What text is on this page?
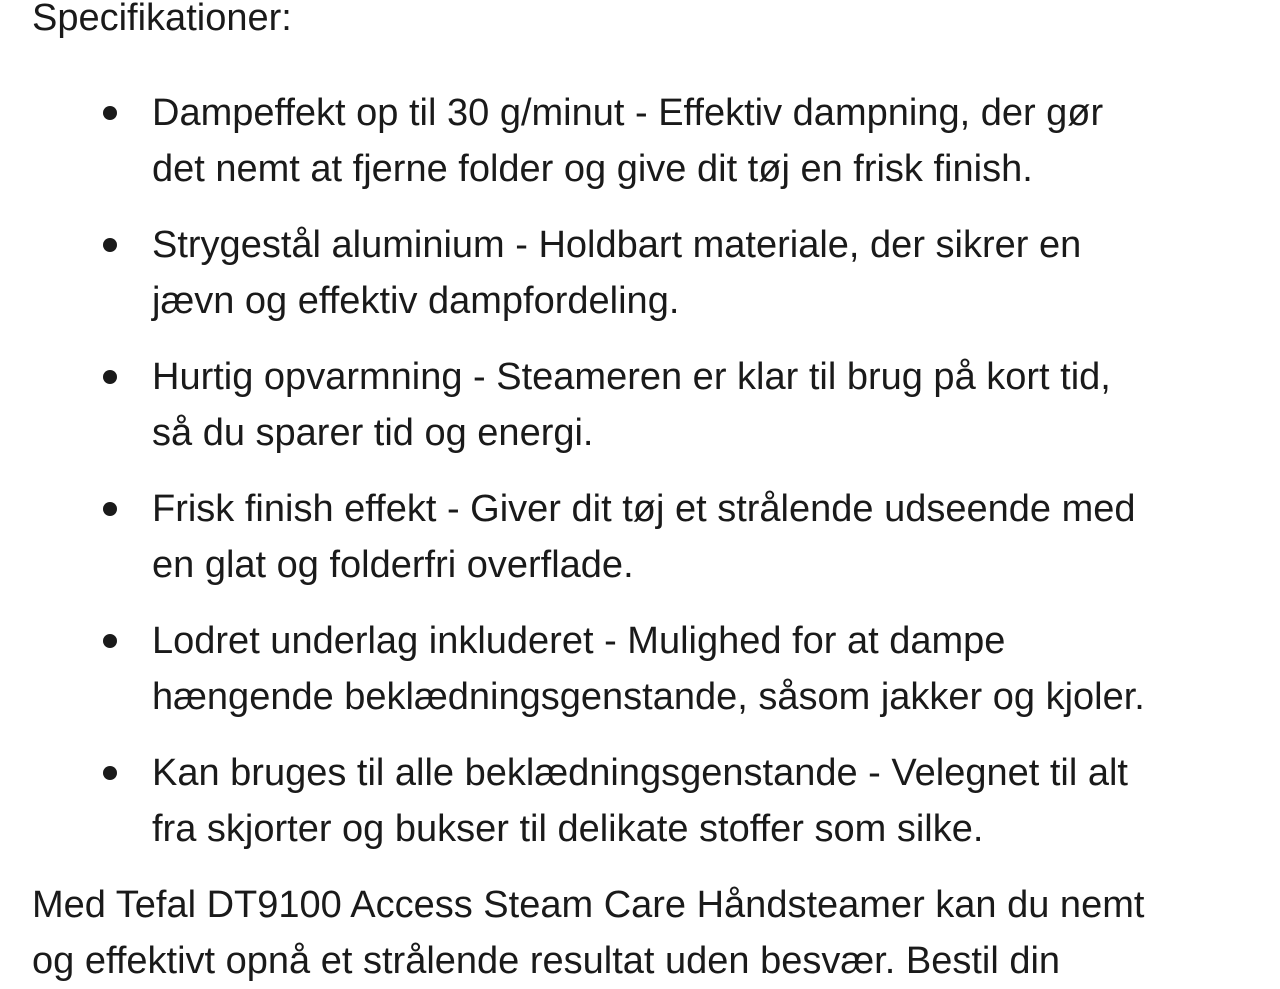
Specifikationer:
Dampeffekt op til 30 g/minut - Effektiv dampning, der gør
det nemt at fjerne folder og give dit tøj en frisk finish.
Strygestål aluminium - Holdbart materiale, der sikrer en
jævn og effektiv dampfordeling.
Hurtig opvarmning - Steameren er klar til brug på kort tid,
så du sparer tid og energi.
Frisk finish effekt - Giver dit tøj et strålende udseende med
en glat og folderfri overflade.
Lodret underlag inkluderet - Mulighed for at dampe
hængende beklædningsgenstande, såsom jakker og kjoler.
Kan bruges til alle beklædningsgenstande - Velegnet til alt
fra skjorter og bukser til delikate stoffer som silke.
Med Tefal DT9100 Access Steam Care Håndsteamer kan du nemt
og effektivt opnå et strålende resultat uden besvær. Bestil din
